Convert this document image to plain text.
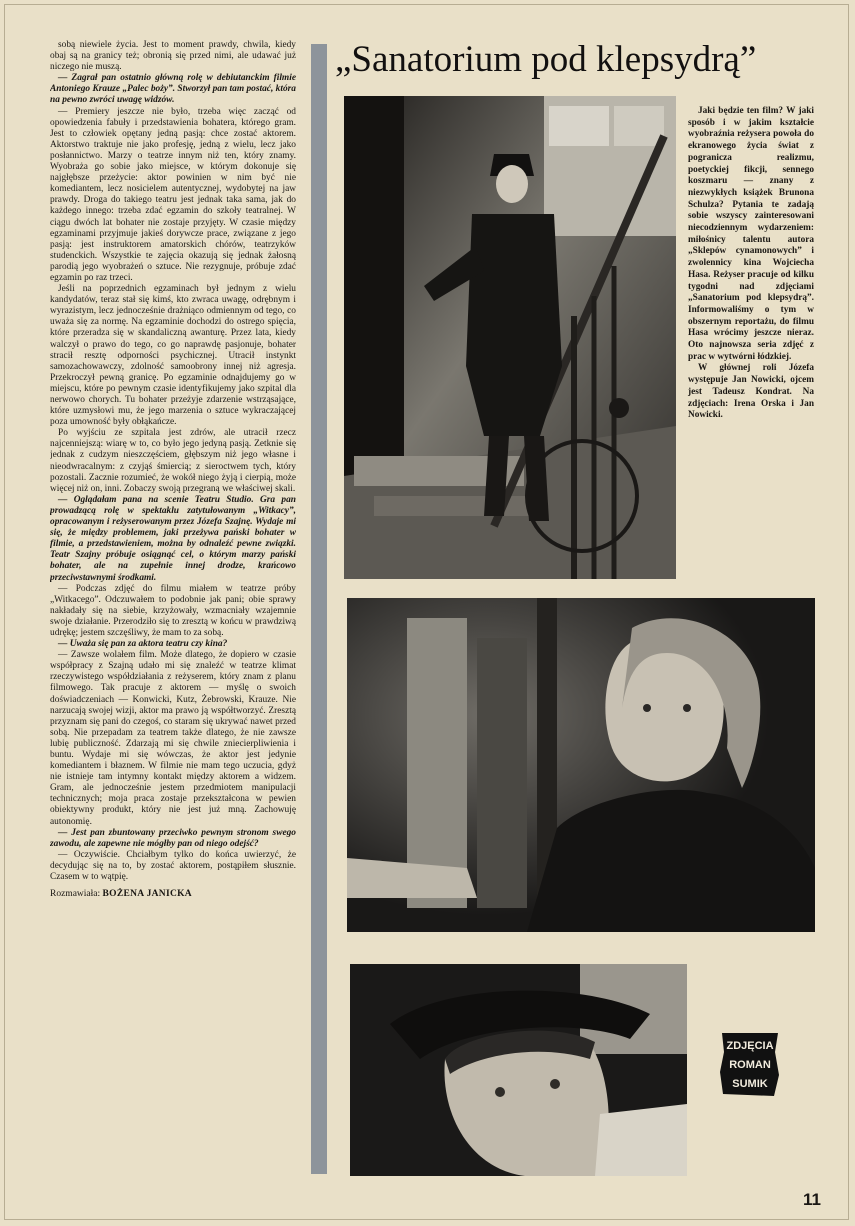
sobą niewiele życia. Jest to moment prawdy, chwila, kiedy obaj są na granicy też; obronią się przed nimi, ale udawać już niczego nie muszą.

— Zagrał pan ostatnio główną rolę w debiutanckim filmie Antoniego Krauze „Palec boży”. Stworzył pan tam postać, która na pewno zwróci uwagę widzów.

— Premiery jeszcze nie było, trzeba więc zacząć od opowiedzenia fabuły i przedstawienia bohatera, którego gram. Jest to człowiek opętany jedną pasją: chce zostać aktorem. Aktorstwo traktuje nie jako profesję, jedną z wielu, lecz jako posłannictwo. Marzy o teatrze innym niż ten, który znamy. Wyobraża go sobie jako miejsce, w którym dokonuje się najgłębsze przeżycie: aktor powinien w nim być nie komediantem, lecz nosicielem autentycznej, wydobytej na jaw prawdy. Droga do takiego teatru jest jednak taka sama, jak do każdego innego: trzeba zdać egzamin do szkoły teatralnej. W ciągu dwóch lat bohater nie zostaje przyjęty. W czasie między egzaminami przyjmuje jakieś dorywcze prace, związane z jego pasją: jest instruktorem amatorskich chórów, teatrzyków studenckich. Wszystkie te zajęcia okazują się jednak żałosną parodią jego wyobrażeń o sztuce. Nie rezygnuje, próbuje zdać egzamin po raz trzeci.

Jeśli na poprzednich egzaminach był jednym z wielu kandydatów, teraz stał się kimś, kto zwraca uwagę, odrębnym i wyrazistym, lecz jednocześnie drażniąco odmiennym od tego, co uważa się za normę. Na egzaminie dochodzi do ostrego spięcia, które przeradza się w skandaliczną awanturę. Przez lata, kiedy walczył o prawo do tego, co go naprawdę pasjonuje, bohater stracił resztę odporności psychicznej. Utracił instynkt samozachowawczy, zdolność samoobrony innej niż agresja. Przekroczył pewną granicę. Po egzaminie odnajdujemy go w miejscu, które po pewnym czasie identyfikujemy jako szpital dla nerwowo chorych. Tu bohater przeżyje zdarzenie wstrząsające, które uzmysłowi mu, że jego marzenia o sztuce wykraczającej poza umowność były obłąkańcze.

Po wyjściu ze szpitala jest zdrów, ale utracił rzecz najcenniejszą: wiarę w to, co było jego jedyną pasją. Zetknie się jednak z cudzym nieszczęściem, głębszym niż jego własne i nieodwracalnym: z czyjąś śmiercią; z sieroctwem tych, który pozostali. Zacznie rozumieć, że wokół niego żyją i cierpią, może więcej niż on, inni. Zobaczy swoją przegraną we właściwej skali.

— Oglądałam pana na scenie Teatru Studio. Gra pan prowadzącą rolę w spektaklu zatytułowanym „Witkacy”, opracowanym i reżyserowanym przez Józefa Szajnę. Wydaje mi się, że między problemem, jaki przeżywa pański bohater w filmie, a przedstawieniem, można by odnaleźć pewne związki. Teatr Szajny próbuje osiągnąć cel, o którym marzy pański bohater, ale na zupełnie innej drodze, krańcowo przeciwstawnymi środkami.

— Podczas zdjęć do filmu miałem w teatrze próby „Witkacego”. Odczuwałem to podobnie jak pani; obie sprawy nakładały się na siebie, krzyżowały, wzmacniały wzajemnie swoje działanie. Przerodziło się to zresztą w końcu w prawdziwą udrękę; jestem szczęśliwy, że mam to za sobą.

— Uważa się pan za aktora teatru czy kina?

— Zawsze wolałem film. Może dlatego, że dopiero w czasie współpracy z Szajną udało mi się znaleźć w teatrze klimat rzeczywistego współdziałania z reżyserem, który znam z planu filmowego. Tak pracuje z aktorem — myślę o swoich doświadczeniach — Konwicki, Kutz, Żebrowski, Krauze. Nie narzucają swojej wizji, aktor ma prawo ją współtworzyć. Zresztą przyznam się pani do czegoś, co staram się ukrywać nawet przed sobą. Nie przepadam za teatrem także dlatego, że nie zawsze lubię publiczność. Zdarzają mi się chwile zniecierpliwienia i buntu. Wydaje mi się wówczas, że aktor jest jedynie komediantem i błaznem. W filmie nie mam tego uczucia, gdyż nie istnieje tam intymny kontakt między aktorem a widzem. Gram, ale jednocześnie jestem przedmiotem manipulacji technicznych; moja praca zostaje przekształcona w pewien obiektywny produkt, który nie jest już mną. Zachowuję autonomię.

— Jest pan zbuntowany przeciwko pewnym stronom swego zawodu, ale zapewne nie mógłby pan od niego odejść?

— Oczywiście. Chciałbym tylko do końca uwierzyć, że decydując się na to, by zostać aktorem, postąpiłem słusznie. Czasem w to wątpię.

Rozmawiała: BOŻENA JANICKA

„Sanatorium pod klepsydrą”

Jaki będzie ten film? W jaki sposób i w jakim kształcie wyobraźnia reżysera powoła do ekranowego życia świat z pogranicza realizmu, poetyckiej fikcji, sennego koszmaru — znany z niezwykłych książek Brunona Schulza? Pytania te zadają sobie wszyscy zainteresowani niecodziennym wydarzeniem: miłośnicy talentu autora „Sklepów cynamonowych” i zwolennicy kina Wojciecha Hasa. Reżyser pracuje od kilku tygodni nad zdjęciami „Sanatorium pod klepsydrą”. Informowaliśmy o tym w obszernym reportażu, do filmu Hasa wrócimy jeszcze nieraz. Oto najnowsza seria zdjęć z prac w wytwórni łódzkiej.

W głównej roli Józefa występuje Jan Nowicki, ojcem jest Tadeusz Kondrat. Na zdjęciach: Irena Orska i Jan Nowicki.

ZDJĘCIA
ROMAN
SUMIK
11
